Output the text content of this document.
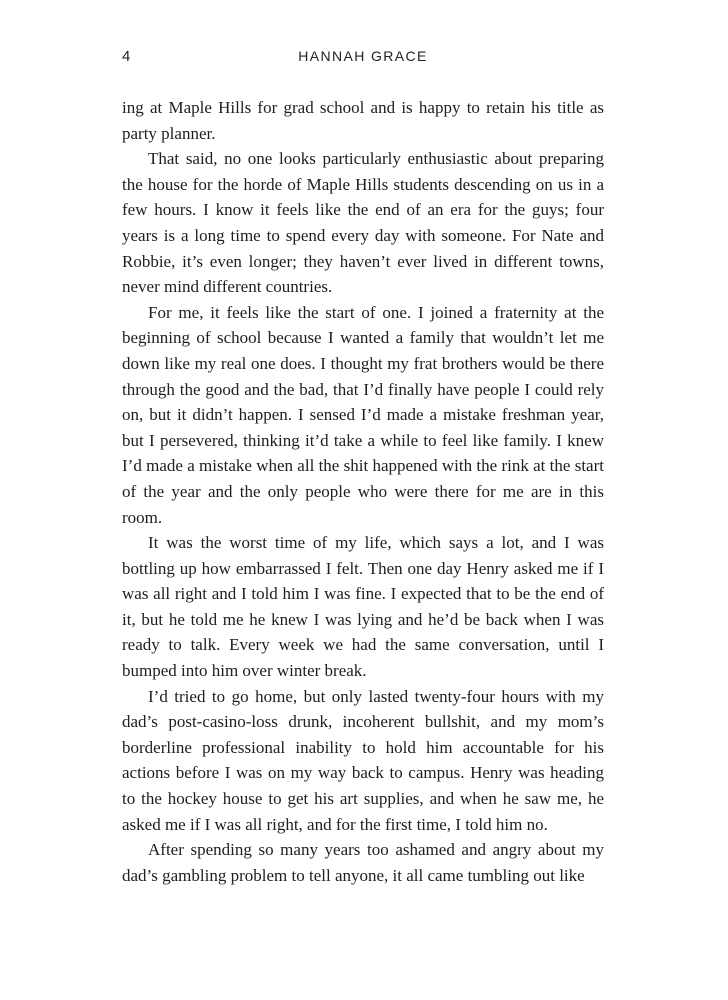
4	HANNAH GRACE

ing at Maple Hills for grad school and is happy to retain his title as party planner.

That said, no one looks particularly enthusiastic about preparing the house for the horde of Maple Hills students descending on us in a few hours. I know it feels like the end of an era for the guys; four years is a long time to spend every day with someone. For Nate and Robbie, it’s even longer; they haven’t ever lived in different towns, never mind different countries.

For me, it feels like the start of one. I joined a fraternity at the beginning of school because I wanted a family that wouldn’t let me down like my real one does. I thought my frat brothers would be there through the good and the bad, that I’d finally have people I could rely on, but it didn’t happen. I sensed I’d made a mistake freshman year, but I persevered, thinking it’d take a while to feel like family. I knew I’d made a mistake when all the shit happened with the rink at the start of the year and the only people who were there for me are in this room.

It was the worst time of my life, which says a lot, and I was bottling up how embarrassed I felt. Then one day Henry asked me if I was all right and I told him I was fine. I expected that to be the end of it, but he told me he knew I was lying and he’d be back when I was ready to talk. Every week we had the same conversation, until I bumped into him over winter break.

I’d tried to go home, but only lasted twenty-four hours with my dad’s post-casino-loss drunk, incoherent bullshit, and my mom’s borderline professional inability to hold him accountable for his actions before I was on my way back to campus. Henry was heading to the hockey house to get his art supplies, and when he saw me, he asked me if I was all right, and for the first time, I told him no.

After spending so many years too ashamed and angry about my dad’s gambling problem to tell anyone, it all came tumbling out like
